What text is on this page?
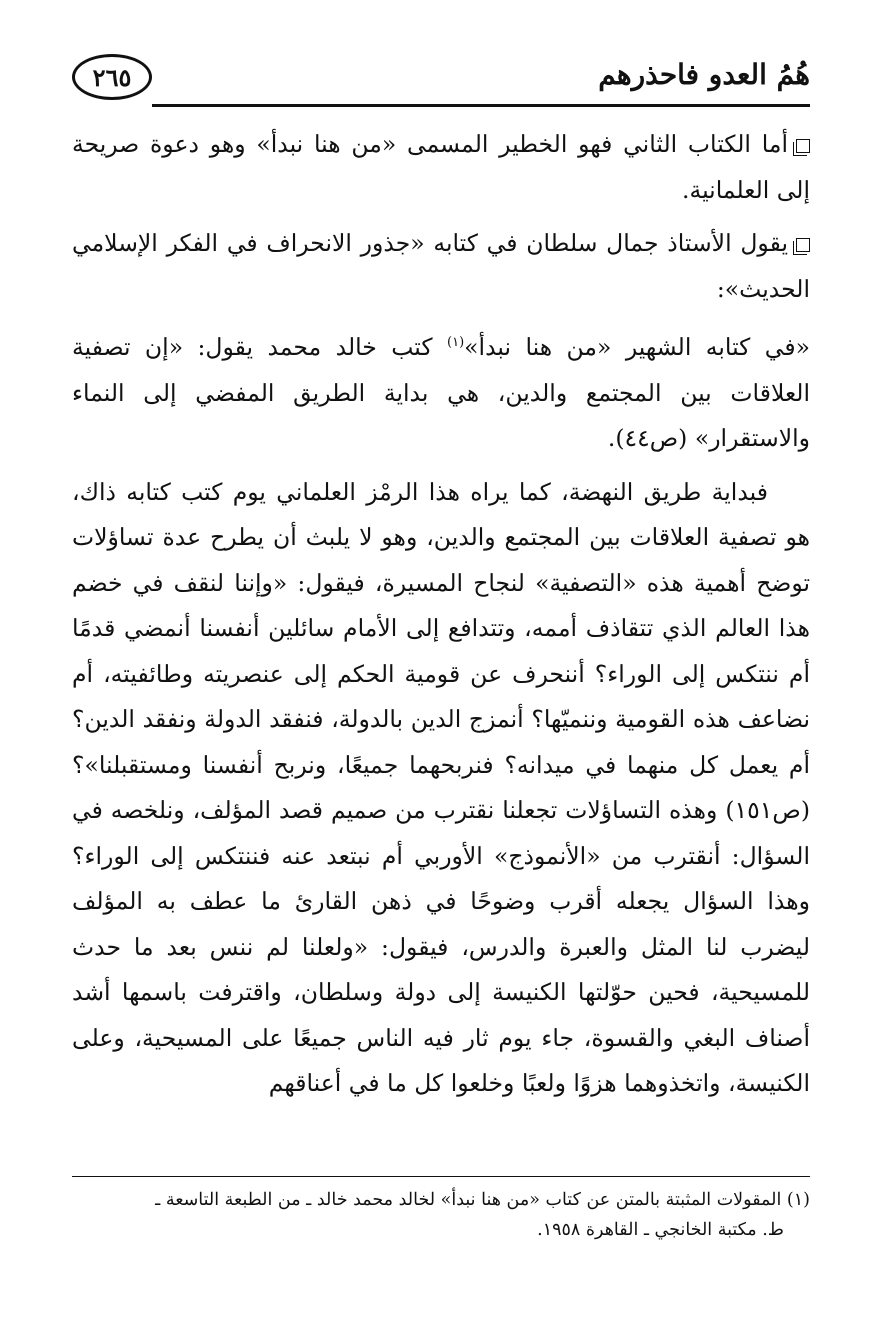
٢٦٥	هُمُ العدو فاحذرهم

أما الكتاب الثاني فهو الخطير المسمى «من هنا نبدأ» وهو دعوة صريحة إلى العلمانية.

يقول الأستاذ جمال سلطان في كتابه «جذور الانحراف في الفكر الإسلامي الحديث»:

«في كتابه الشهير «من هنا نبدأ»$^{(١)}$ كتب خالد محمد يقول: «إن تصفية العلاقات بين المجتمع والدين، هي بداية الطريق المفضي إلى النماء والاستقرار» (ص٤٤).

فبداية طريق النهضة، كما يراه هذا الرمْز العلماني يوم كتب كتابه ذاك، هو تصفية العلاقات بين المجتمع والدين، وهو لا يلبث أن يطرح عدة تساؤلات توضح أهمية هذه «التصفية» لنجاح المسيرة، فيقول: «وإننا لنقف في خضم هذا العالم الذي تتقاذف أممه، وتتدافع إلى الأمام سائلين أنفسنا أنمضي قدمًا أم ننتكس إلى الوراء؟ أننحرف عن قومية الحكم إلى عنصريته وطائفيته، أم نضاعف هذه القومية وننميّها؟ أنمزج الدين بالدولة، فنفقد الدولة ونفقد الدين؟ أم يعمل كل منهما في ميدانه؟ فنربحهما جميعًا، ونربح أنفسنا ومستقبلنا»؟ (ص١٥١) وهذه التساؤلات تجعلنا نقترب من صميم قصد المؤلف، ونلخصه في السؤال: أنقترب من «الأنموذج» الأوربي أم نبتعد عنه فننتكس إلى الوراء؟ وهذا السؤال يجعله أقرب وضوحًا في ذهن القارئ ما عطف به المؤلف ليضرب لنا المثل والعبرة والدرس، فيقول: «ولعلنا لم ننس بعد ما حدث للمسيحية، فحين حوّلتها الكنيسة إلى دولة وسلطان، واقترفت باسمها أشد أصناف البغي والقسوة، جاء يوم ثار فيه الناس جميعًا على المسيحية، وعلى الكنيسة، واتخذوهما هزوًا ولعبًا وخلعوا كل ما في أعناقهم

(١) المقولات المثبتة بالمتن عن كتاب «من هنا نبدأ» لخالد محمد خالد ـ من الطبعة التاسعة ـ
ط. مكتبة الخانجي ـ القاهرة ١٩٥٨.
